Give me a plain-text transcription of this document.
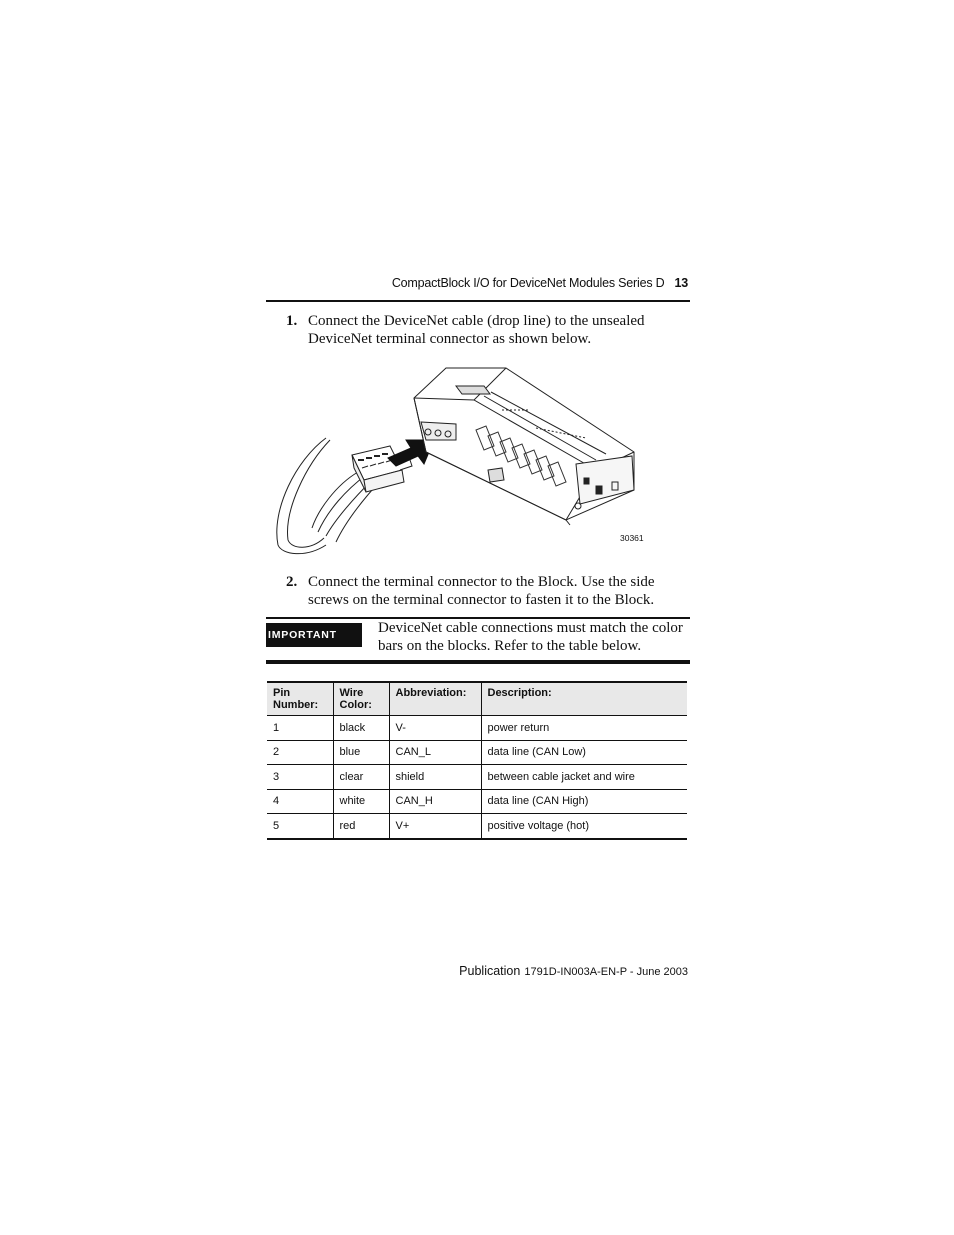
CompactBlock I/O for DeviceNet Modules Series D 13
1. Connect the DeviceNet cable (drop line) to the unsealed DeviceNet terminal connector as shown below.
30361
2. Connect the terminal connector to the Block. Use the side screws on the terminal connector to fasten it to the Block.
IMPORTANT	DeviceNet cable connections must match the color bars on the blocks. Refer to the table below.
Pin Number:	Wire Color:	Abbreviation:	Description:
1	black	V-	power return
2	blue	CAN_L	data line (CAN Low)
3	clear	shield	between cable jacket and wire
4	white	CAN_H	data line (CAN High)
5	red	V+	positive voltage (hot)
Publication 1791D-IN003A-EN-P - June 2003
